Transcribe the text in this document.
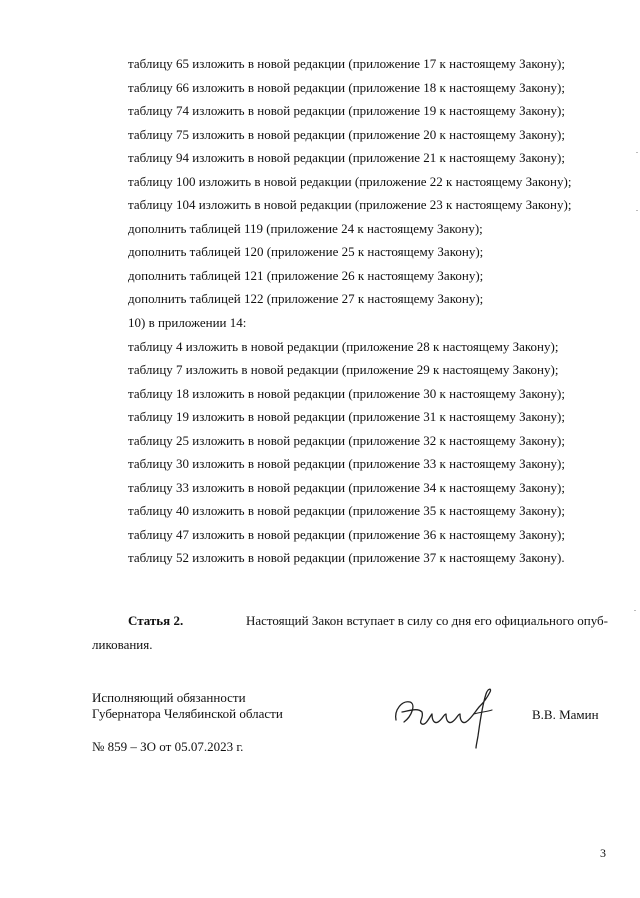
таблицу 65 изложить в новой редакции (приложение 17 к настоящему Закону);
таблицу 66 изложить в новой редакции (приложение 18 к настоящему Закону);
таблицу 74 изложить в новой редакции (приложение 19 к настоящему Закону);
таблицу 75 изложить в новой редакции (приложение 20 к настоящему Закону);
таблицу 94 изложить в новой редакции (приложение 21 к настоящему Закону);
таблицу 100 изложить в новой редакции (приложение 22 к настоящему Закону);
таблицу 104 изложить в новой редакции (приложение 23 к настоящему Закону);
дополнить таблицей 119 (приложение 24 к настоящему Закону);
дополнить таблицей 120 (приложение 25 к настоящему Закону);
дополнить таблицей 121 (приложение 26 к настоящему Закону);
дополнить таблицей 122 (приложение 27 к настоящему Закону);
10) в приложении 14:
таблицу 4 изложить в новой редакции (приложение 28 к настоящему Закону);
таблицу 7 изложить в новой редакции (приложение 29 к настоящему Закону);
таблицу 18 изложить в новой редакции (приложение 30 к настоящему Закону);
таблицу 19 изложить в новой редакции (приложение 31 к настоящему Закону);
таблицу 25 изложить в новой редакции (приложение 32 к настоящему Закону);
таблицу 30 изложить в новой редакции (приложение 33 к настоящему Закону);
таблицу 33 изложить в новой редакции (приложение 34 к настоящему Закону);
таблицу 40 изложить в новой редакции (приложение 35 к настоящему Закону);
таблицу 47 изложить в новой редакции (приложение 36 к настоящему Закону);
таблицу 52 изложить в новой редакции (приложение 37 к настоящему Закону).
Статья 2.	Настоящий Закон вступает в силу со дня его официального опуб-
ликования.
Исполняющий обязанности
Губернатора Челябинской области	В.В. Мамин
№ 859 – ЗО от 05.07.2023 г.
3
